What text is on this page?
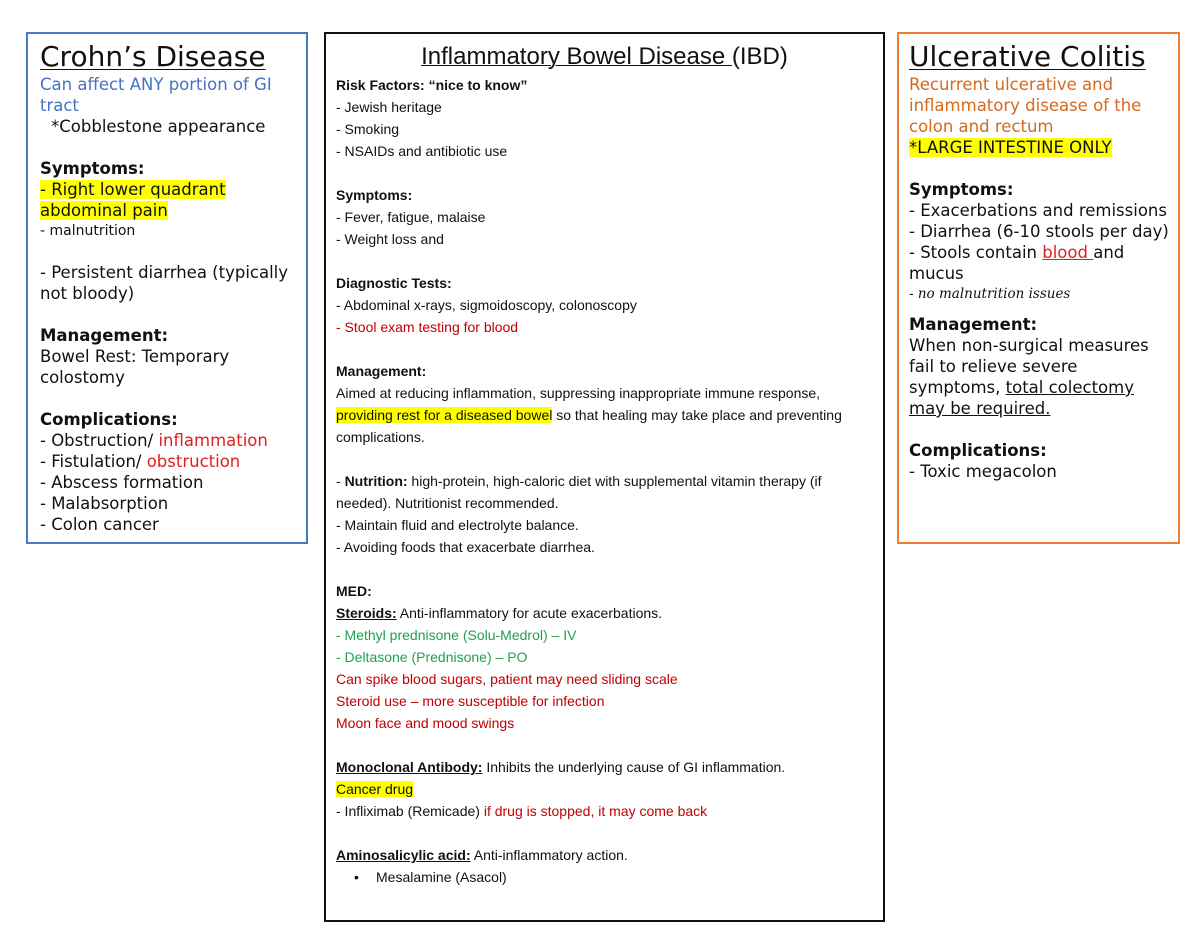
Crohn’s Disease
Can affect ANY portion of GI tract
*Cobblestone appearance
Symptoms:
- Right lower quadrant abdominal pain
- malnutrition
- Persistent diarrhea (typically not bloody)
Management:
Bowel Rest: Temporary colostomy
Complications:
- Obstruction/ inflammation
- Fistulation/ obstruction
- Abscess formation
- Malabsorption
- Colon cancer
Inflammatory Bowel Disease (IBD)
Risk Factors: “nice to know”
- Jewish heritage
- Smoking
- NSAIDs and antibiotic use
Symptoms:
- Fever, fatigue, malaise
- Weight loss and
Diagnostic Tests:
- Abdominal x-rays, sigmoidoscopy, colonoscopy
- Stool exam testing for blood
Management:
Aimed at reducing inflammation, suppressing inappropriate immune response, providing rest for a diseased bowel so that healing may take place and preventing complications.
- Nutrition: high-protein, high-caloric diet with supplemental vitamin therapy (if needed). Nutritionist recommended.
- Maintain fluid and electrolyte balance.
- Avoiding foods that exacerbate diarrhea.
MED:
Steroids: Anti-inflammatory for acute exacerbations.
- Methyl prednisone (Solu-Medrol) – IV
- Deltasone (Prednisone) – PO
Can spike blood sugars, patient may need sliding scale
Steroid use – more susceptible for infection
Moon face and mood swings
Monoclonal Antibody: Inhibits the underlying cause of GI inflammation.
Cancer drug
- Infliximab (Remicade) if drug is stopped, it may come back
Aminosalicylic acid: Anti-inflammatory action.
• Mesalamine (Asacol)
Ulcerative Colitis
Recurrent ulcerative and inflammatory disease of the colon and rectum
*LARGE INTESTINE ONLY
Symptoms:
- Exacerbations and remissions
- Diarrhea (6-10 stools per day)
- Stools contain blood and mucus
- no malnutrition issues
Management:
When non-surgical measures fail to relieve severe symptoms, total colectomy may be required.
Complications:
- Toxic megacolon
